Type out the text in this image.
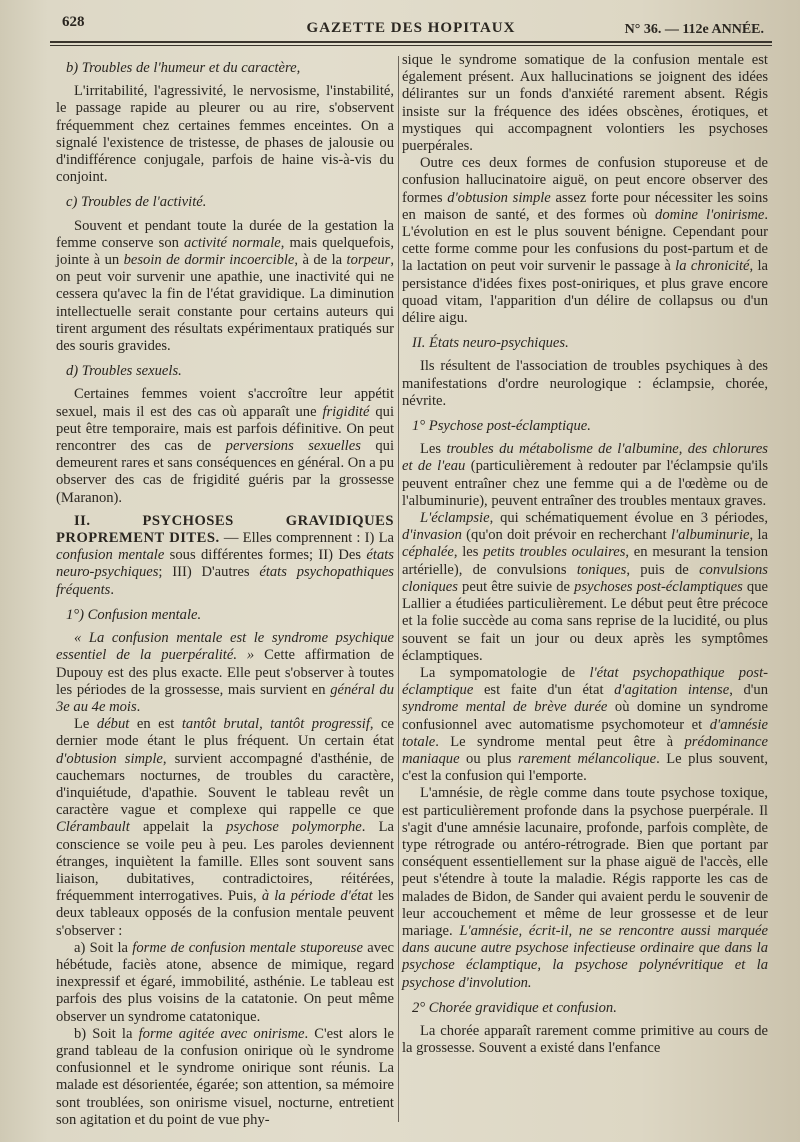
628	GAZETTE DES HOPITAUX	N° 36. — 112e ANNÉE.

b) Troubles de l'humeur et du caractère,

L'irritabilité, l'agressivité, le nervosisme, l'instabilité, le passage rapide au pleurer ou au rire, s'observent fréquemment chez certaines femmes enceintes. On a signalé l'existence de tristesse, de phases de jalousie ou d'indifférence conjugale, parfois de haine vis-à-vis du conjoint.

c) Troubles de l'activité.

Souvent et pendant toute la durée de la gestation la femme conserve son activité normale, mais quelquefois, jointe à un besoin de dormir incoercible, à de la torpeur, on peut voir survenir une apathie, une inactivité qui ne cessera qu'avec la fin de l'état gravidique. La diminution intellectuelle serait constante pour certains auteurs qui tirent argument des résultats expérimentaux pratiqués sur des souris gravides.

d) Troubles sexuels.

Certaines femmes voient s'accroître leur appétit sexuel, mais il est des cas où apparaît une frigidité qui peut être temporaire, mais est parfois définitive. On peut rencontrer des cas de perversions sexuelles qui demeurent rares et sans conséquences en général. On a pu observer des cas de frigidité guéris par la grossesse (Maranon).

II. PSYCHOSES GRAVIDIQUES PROPREMENT DITES. — Elles comprennent : I) La confusion mentale sous différentes formes; II) Des états neuro-psychiques; III) D'autres états psychopathiques fréquents.

1°) Confusion mentale.

« La confusion mentale est le syndrome psychique essentiel de la puerpéralité. » Cette affirmation de Dupouy est des plus exacte. Elle peut s'observer à toutes les périodes de la grossesse, mais survient en général du 3e au 4e mois.

Le début en est tantôt brutal, tantôt progressif, ce dernier mode étant le plus fréquent. Un certain état d'obtusion simple, survient accompagné d'asthénie, de cauchemars nocturnes, de troubles du caractère, d'inquiétude, d'apathie. Souvent le tableau revêt un caractère vague et complexe qui rappelle ce que Clérambault appelait la psychose polymorphe. La conscience se voile peu à peu. Les paroles deviennent étranges, inquiètent la famille. Elles sont souvent sans liaison, dubitatives, contradictoires, réitérées, fréquemment interrogatives. Puis, à la période d'état les deux tableaux opposés de la confusion mentale peuvent s'observer :

a) Soit la forme de confusion mentale stuporeuse avec hébétude, faciès atone, absence de mimique, regard inexpressif et égaré, immobilité, asthénie. Le tableau est parfois des plus voisins de la catatonie. On peut même observer un syndrome catatonique.

b) Soit la forme agitée avec onirisme. C'est alors le grand tableau de la confusion onirique où le syndrome confusionnel et le syndrome onirique sont réunis. La malade est désorientée, égarée; son attention, sa mémoire sont troublées, son onirisme visuel, nocturne, entretient son agitation et du point de vue phy-

sique le syndrome somatique de la confusion mentale est également présent. Aux hallucinations se joignent des idées délirantes sur un fonds d'anxiété rarement absent. Régis insiste sur la fréquence des idées obscènes, érotiques, et mystiques qui accompagnent volontiers les psychoses puerpérales.

Outre ces deux formes de confusion stuporeuse et de confusion hallucinatoire aiguë, on peut encore observer des formes d'obtusion simple assez forte pour nécessiter les soins en maison de santé, et des formes où domine l'onirisme. L'évolution en est le plus souvent bénigne. Cependant pour cette forme comme pour les confusions du post-partum et de la lactation on peut voir survenir le passage à la chronicité, la persistance d'idées fixes post-oniriques, et plus grave encore quoad vitam, l'apparition d'un délire de collapsus ou d'un délire aigu.

II. États neuro-psychiques.

Ils résultent de l'association de troubles psychiques à des manifestations d'ordre neurologique : éclampsie, chorée, névrite.

1° Psychose post-éclamptique.

Les troubles du métabolisme de l'albumine, des chlorures et de l'eau (particulièrement à redouter par l'éclampsie qu'ils peuvent entraîner chez une femme qui a de l'œdème ou de l'albuminurie), peuvent entraîner des troubles mentaux graves.

L'éclampsie, qui schématiquement évolue en 3 périodes, d'invasion (qu'on doit prévoir en recherchant l'albuminurie, la céphalée, les petits troubles oculaires, en mesurant la tension artérielle), de convulsions toniques, puis de convulsions cloniques peut être suivie de psychoses post-éclamptiques que Lallier a étudiées particulièrement. Le début peut être précoce et la folie succède au coma sans reprise de la lucidité, ou plus souvent se fait un jour ou deux après les symptômes éclamptiques.

La sympomatologie de l'état psychopathique post-éclamptique est faite d'un état d'agitation intense, d'un syndrome mental de brève durée où domine un syndrome confusionnel avec automatisme psychomoteur et d'amnésie totale. Le syndrome mental peut être à prédominance maniaque ou plus rarement mélancolique. Le plus souvent, c'est la confusion qui l'emporte.

L'amnésie, de règle comme dans toute psychose toxique, est particulièrement profonde dans la psychose puerpérale. Il s'agit d'une amnésie lacunaire, profonde, parfois complète, de type rétrograde ou antéro-rétrograde. Bien que portant par conséquent essentiellement sur la phase aiguë de l'accès, elle peut s'étendre à toute la maladie. Régis rapporte les cas de malades de Bidon, de Sander qui avaient perdu le souvenir de leur accouchement et même de leur grossesse et de leur mariage. L'amnésie, écrit-il, ne se rencontre aussi marquée dans aucune autre psychose infectieuse ordinaire que dans la psychose éclamptique, la psychose polynévritique et la psychose d'involution.

2° Chorée gravidique et confusion.

La chorée apparaît rarement comme primitive au cours de la grossesse. Souvent a existé dans l'enfance
